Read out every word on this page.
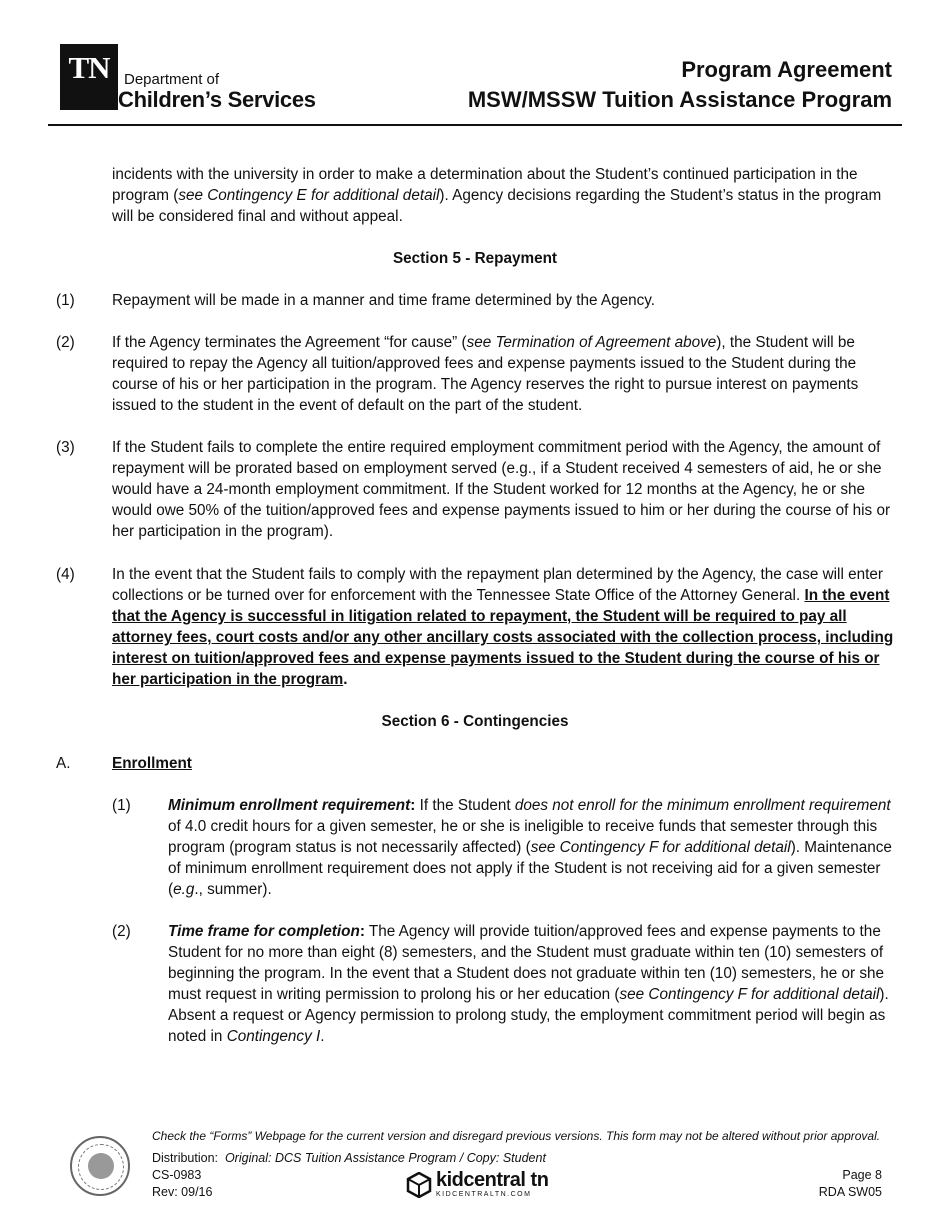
TN Department of
Children’s Services
Program Agreement
MSW/MSSW Tuition Assistance Program

incidents with the university in order to make a determination about the Student’s continued participation in the program (see Contingency E for additional detail). Agency decisions regarding the Student’s status in the program will be considered final and without appeal.

Section 5 - Repayment
(1) Repayment will be made in a manner and time frame determined by the Agency.

(2) If the Agency terminates the Agreement “for cause” (see Termination of Agreement above), the Student will be required to repay the Agency all tuition/approved fees and expense payments issued to the Student during the course of his or her participation in the program. The Agency reserves the right to pursue interest on payments issued to the student in the event of default on the part of the student.

(3) If the Student fails to complete the entire required employment commitment period with the Agency, the amount of repayment will be prorated based on employment served (e.g., if a Student received 4 semesters of aid, he or she would have a 24-month employment commitment. If the Student worked for 12 months at the Agency, he or she would owe 50% of the tuition/approved fees and expense payments issued to him or her during the course of his or her participation in the program).

(4) In the event that the Student fails to comply with the repayment plan determined by the Agency, the case will enter collections or be turned over for enforcement with the Tennessee State Office of the Attorney General. In the event that the Agency is successful in litigation related to repayment, the Student will be required to pay all attorney fees, court costs and/or any other ancillary costs associated with the collection process, including interest on tuition/approved fees and expense payments issued to the Student during the course of his or her participation in the program.

Section 6 - Contingencies
A.	Enrollment
(1) Minimum enrollment requirement: If the Student does not enroll for the minimum enrollment requirement of 4.0 credit hours for a given semester, he or she is ineligible to receive funds that semester through this program (program status is not necessarily affected) (see Contingency F for additional detail). Maintenance of minimum enrollment requirement does not apply if the Student is not receiving aid for a given semester (e.g., summer).

(2) Time frame for completion: The Agency will provide tuition/approved fees and expense payments to the Student for no more than eight (8) semesters, and the Student must graduate within ten (10) semesters of beginning the program. In the event that a Student does not graduate within ten (10) semesters, he or she must request in writing permission to prolong his or her education (see Contingency F for additional detail). Absent a request or Agency permission to prolong study, the employment commitment period will begin as noted in Contingency I.

Check the “Forms” Webpage for the current version and disregard previous versions. This form may not be altered without prior approval.
Distribution: Original: DCS Tuition Assistance Program / Copy: Student
CS-0983
Rev: 09/16
Page 8
RDA SW05
kidcentral tn
KIDCENTRALTN.COM
